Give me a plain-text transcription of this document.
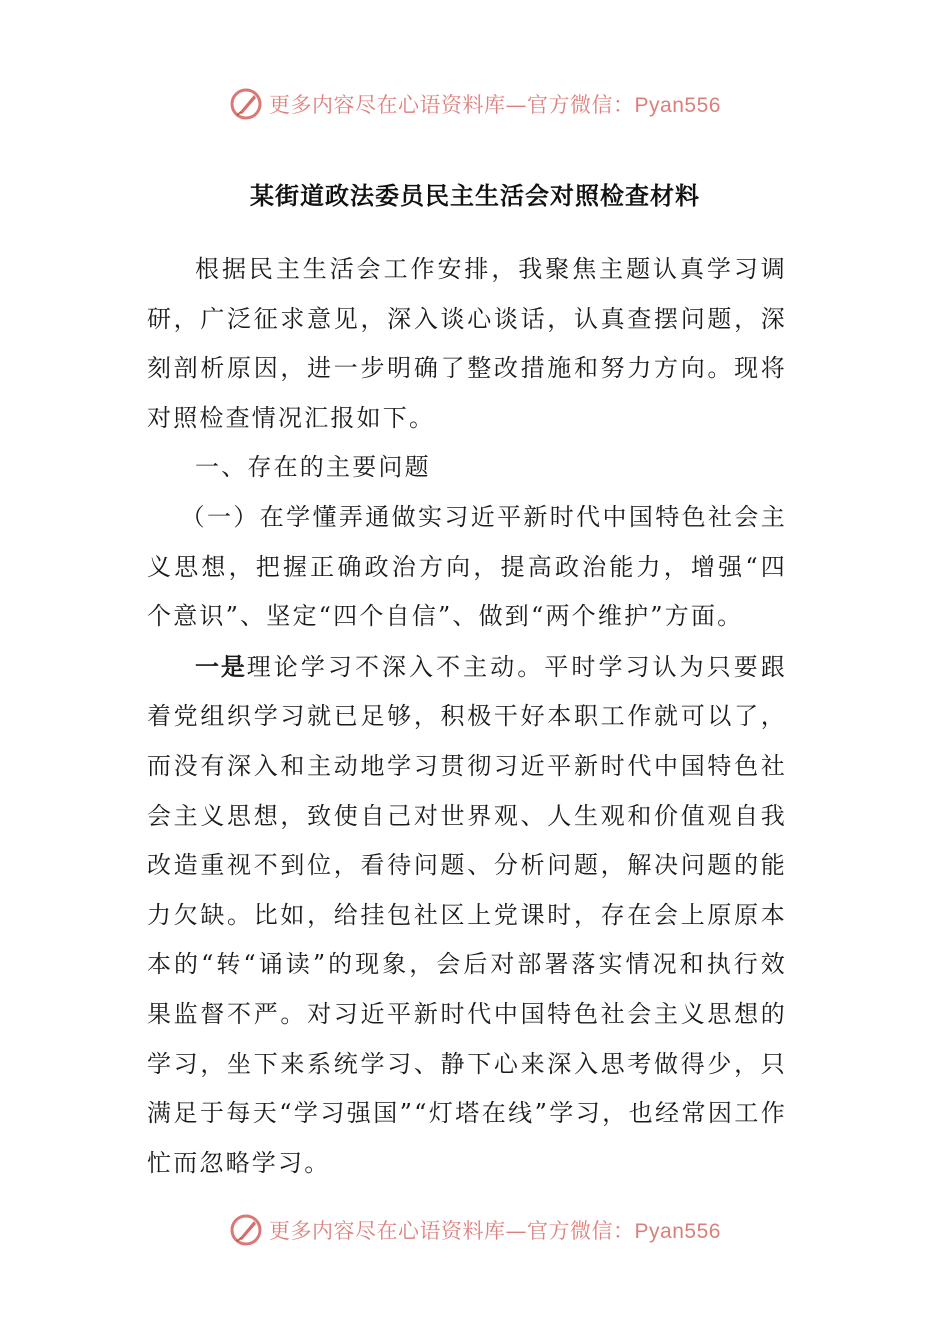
更多内容尽在心语资料库—官方微信：Pyan556
某街道政法委员民主生活会对照检查材料

根据民主生活会工作安排，我聚焦主题认真学习调研，广泛征求意见，深入谈心谈话，认真查摆问题，深刻剖析原因，进一步明确了整改措施和努力方向。现将对照检查情况汇报如下。

一、存在的主要问题

（一）在学懂弄通做实习近平新时代中国特色社会主义思想，把握正确政治方向，提高政治能力，增强“四个意识”、坚定“四个自信”、做到“两个维护”方面。

一是理论学习不深入不主动。平时学习认为只要跟着党组织学习就已足够，积极干好本职工作就可以了，而没有深入和主动地学习贯彻习近平新时代中国特色社会主义思想，致使自己对世界观、人生观和价值观自我改造重视不到位，看待问题、分析问题，解决问题的能力欠缺。比如，给挂包社区上党课时，存在会上原原本本的“转“诵读”的现象，会后对部署落实情况和执行效果监督不严。对习近平新时代中国特色社会主义思想的学习，坐下来系统学习、静下心来深入思考做得少，只满足于每天“学习强国”“灯塔在线”学习，也经常因工作忙而忽略学习。

更多内容尽在心语资料库—官方微信：Pyan556
